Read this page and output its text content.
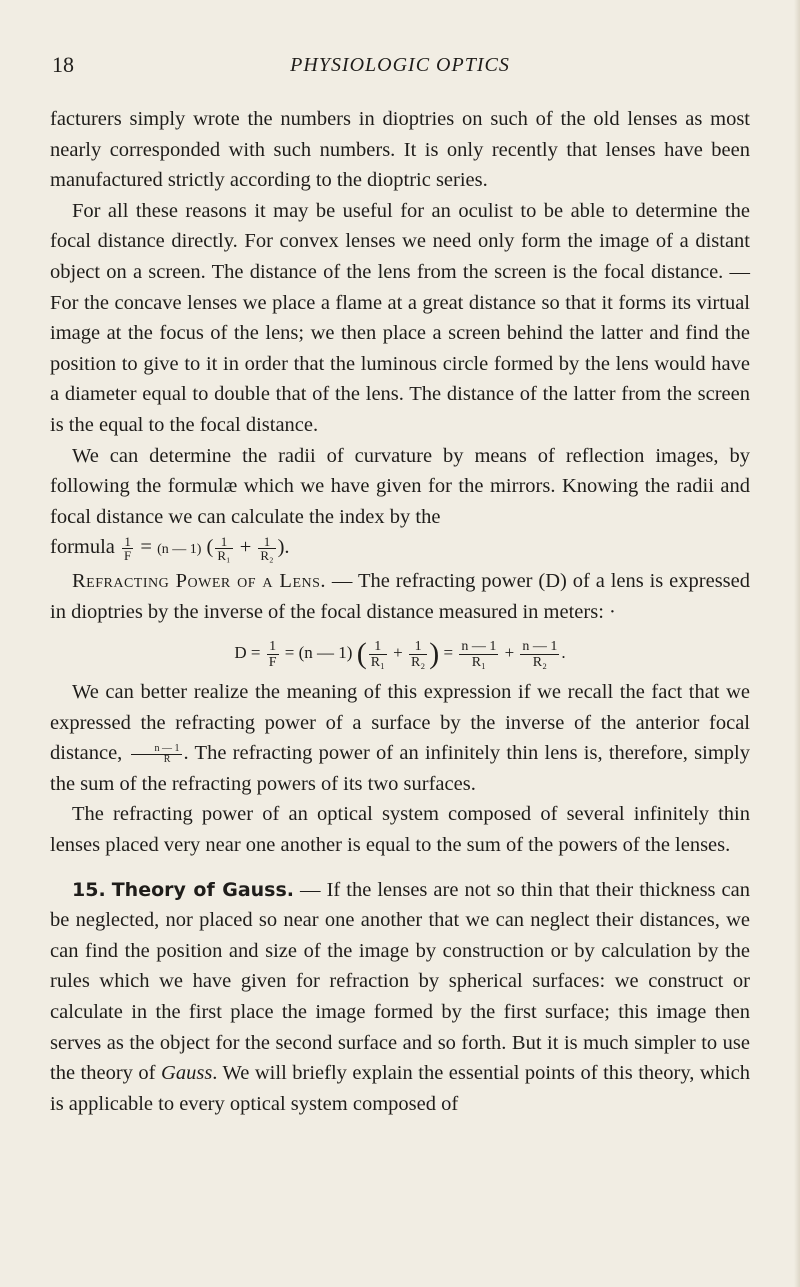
18	PHYSIOLOGIC OPTICS

facturers simply wrote the numbers in dioptries on such of the old lenses as most nearly corresponded with such numbers. It is only recently that lenses have been manufactured strictly according to the dioptric series.

For all these reasons it may be useful for an oculist to be able to determine the focal distance directly. For convex lenses we need only form the image of a distant object on a screen. The distance of the lens from the screen is the focal distance. — For the concave lenses we place a flame at a great distance so that it forms its virtual image at the focus of the lens; we then place a screen behind the latter and find the position to give to it in order that the luminous circle formed by the lens would have a diameter equal to double that of the lens. The distance of the latter from the screen is the equal to the focal distance.

We can determine the radii of curvature by means of reflection images, by following the formulæ which we have given for the mirrors. Knowing the radii and focal distance we can calculate the index by the

formula $\frac{1}{F} = (n$ — 1) ( $\frac{1}{\text{R₁}} + \frac{1}{\text{R₂}}$ ).

Refracting Power of a Lens. — The refracting power (D) of a lens is expressed in dioptries by the inverse of the focal distance measured in meters: ·

$D = \frac{1}{F} = (n$ — 1) ( $\frac{1}{\text{R₁}} + \frac{1}{\text{R₂}}$ ) = $\frac{n — 1}{\text{R₁}} + \frac{n — 1}{\text{R₂}}$ .

We can better realize the meaning of this expression if we recall the fact that we expressed the refracting power of a surface by the inverse of the anterior focal distance, $\frac{n — 1}{R}$ . The refracting power of an infinitely thin lens is, therefore, simply the sum of the refracting powers of its two surfaces.

The refracting power of an optical system composed of several infinitely thin lenses placed very near one another is equal to the sum of the powers of the lenses.

15. Theory of Gauss. — If the lenses are not so thin that their thickness can be neglected, nor placed so near one another that we can neglect their distances, we can find the position and size of the image by construction or by calculation by the rules which we have given for refraction by spherical surfaces: we construct or calculate in the first place the image formed by the first surface; this image then serves as the object for the second surface and so forth. But it is much simpler to use the theory of Gauss. We will briefly explain the essential points of this theory, which is applicable to every optical system composed of
